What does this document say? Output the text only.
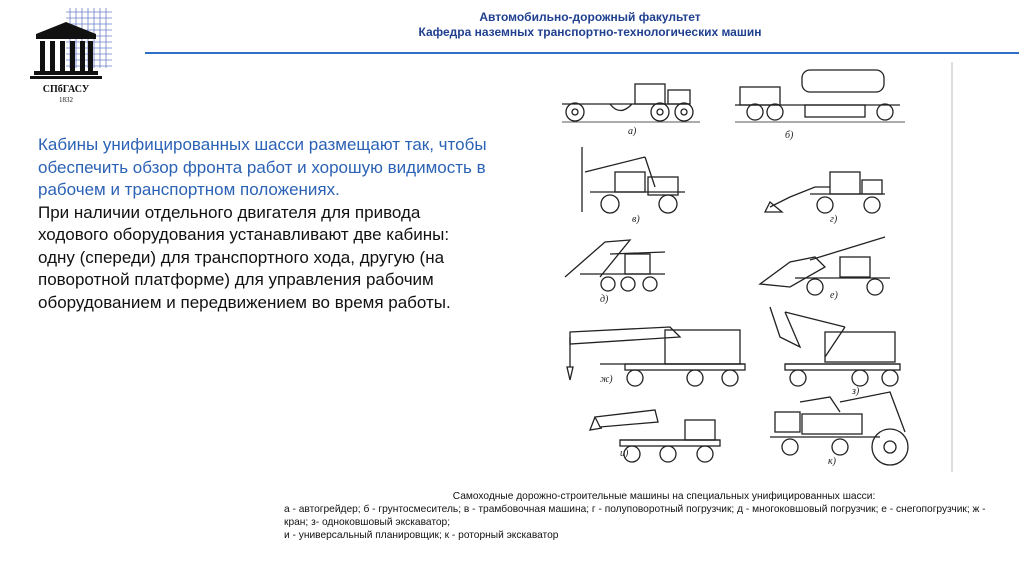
СПбГАСУ
1832
Автомобильно-дорожный факультет
Кафедра наземных транспортно-технологических машин
Кабины унифицированных шасси размещают так, чтобы обеспечить обзор фронта работ и хорошую видимость в рабочем и транспортном положениях.
При наличии отдельного двигателя для привода ходового оборудования устанавливают две кабины: одну (спереди) для транспортного хода, другую (на поворотной платформе) для управления рабочим оборудованием и передвижением во время работы.
а)	б)
в)	г)
д)	е)
ж)
з)
и)
к)
Самоходные дорожно-строительные машины на специальных унифицированных шасси:
а - автогрейдер; б - грунтосмеситель; в - трамбовочная машина; г - полуповоротный погрузчик; д - многоковшовый погрузчик; е - снегопогрузчик; ж - кран; з- одноковшовый экскаватор;
и - универсальный планировщик; к - роторный экскаватор
